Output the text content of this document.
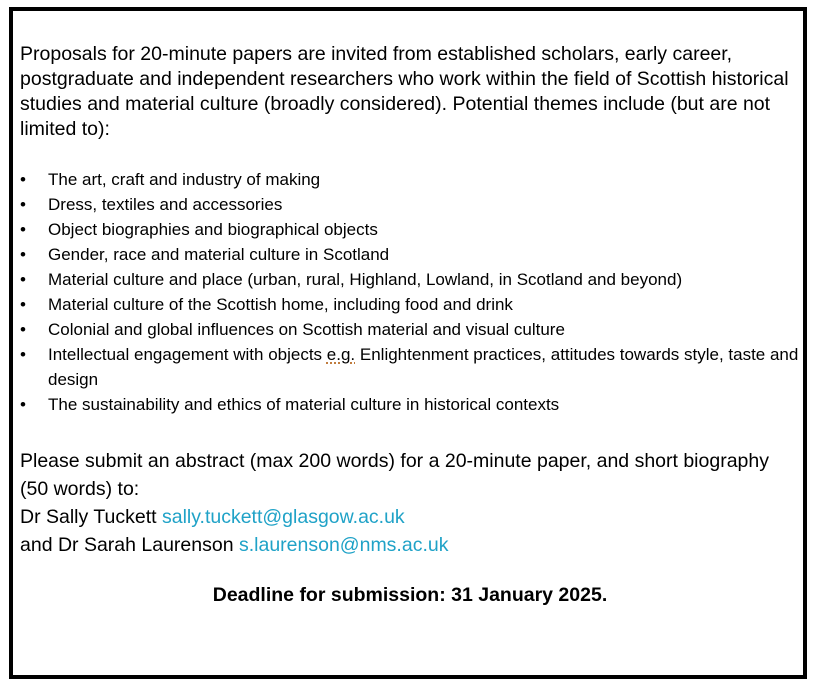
Proposals for 20-minute papers are invited from established scholars, early career, postgraduate and independent researchers who work within the field of Scottish historical studies and material culture (broadly considered). Potential themes include (but are not limited to):

• The art, craft and industry of making
• Dress, textiles and accessories
• Object biographies and biographical objects
• Gender, race and material culture in Scotland
• Material culture and place (urban, rural, Highland, Lowland, in Scotland and beyond)
• Material culture of the Scottish home, including food and drink
• Colonial and global influences on Scottish material and visual culture
• Intellectual engagement with objects e.g. Enlightenment practices, attitudes towards style, taste and design
• The sustainability and ethics of material culture in historical contexts

Please submit an abstract (max 200 words) for a 20-minute paper, and short biography (50 words) to:
Dr Sally Tuckett sally.tuckett@glasgow.ac.uk
and Dr Sarah Laurenson s.laurenson@nms.ac.uk

Deadline for submission: 31 January 2025.
